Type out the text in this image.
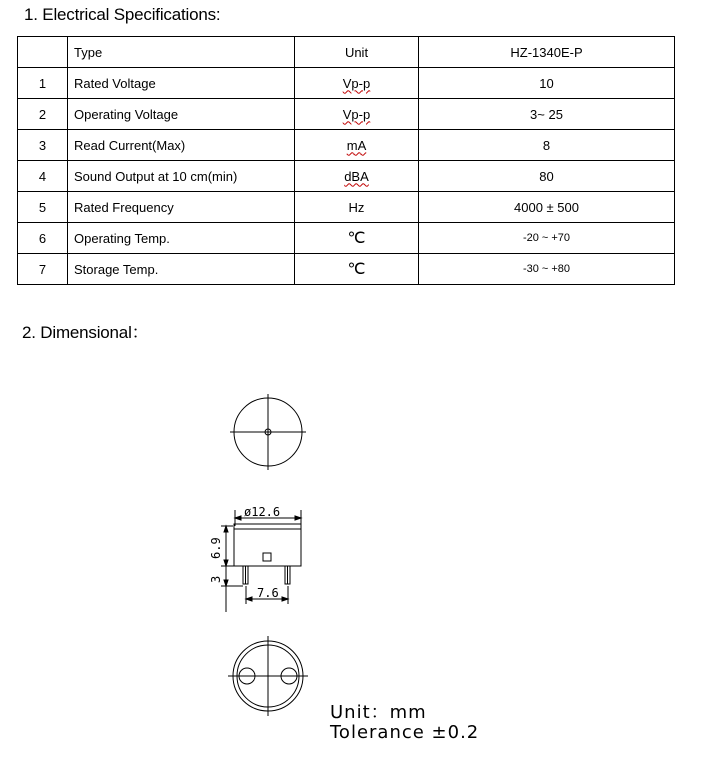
1. Electrical Specifications:
	Type	Unit	HZ-1340E-P
1	Rated Voltage	Vp-p	10
2	Operating Voltage	Vp-p	3~ 25
3	Read Current(Max)	mA	8
4	Sound Output at 10 cm(min)	dBA	80
5	Rated Frequency	Hz	4000 ± 500
6	Operating Temp.	℃	-20 ~ +70
7	Storage Temp.	℃	-30 ~ +80
2. Dimensional：
ø12.6
6.9
3
7.6
Unit：mm
Tolerance ±0.2
